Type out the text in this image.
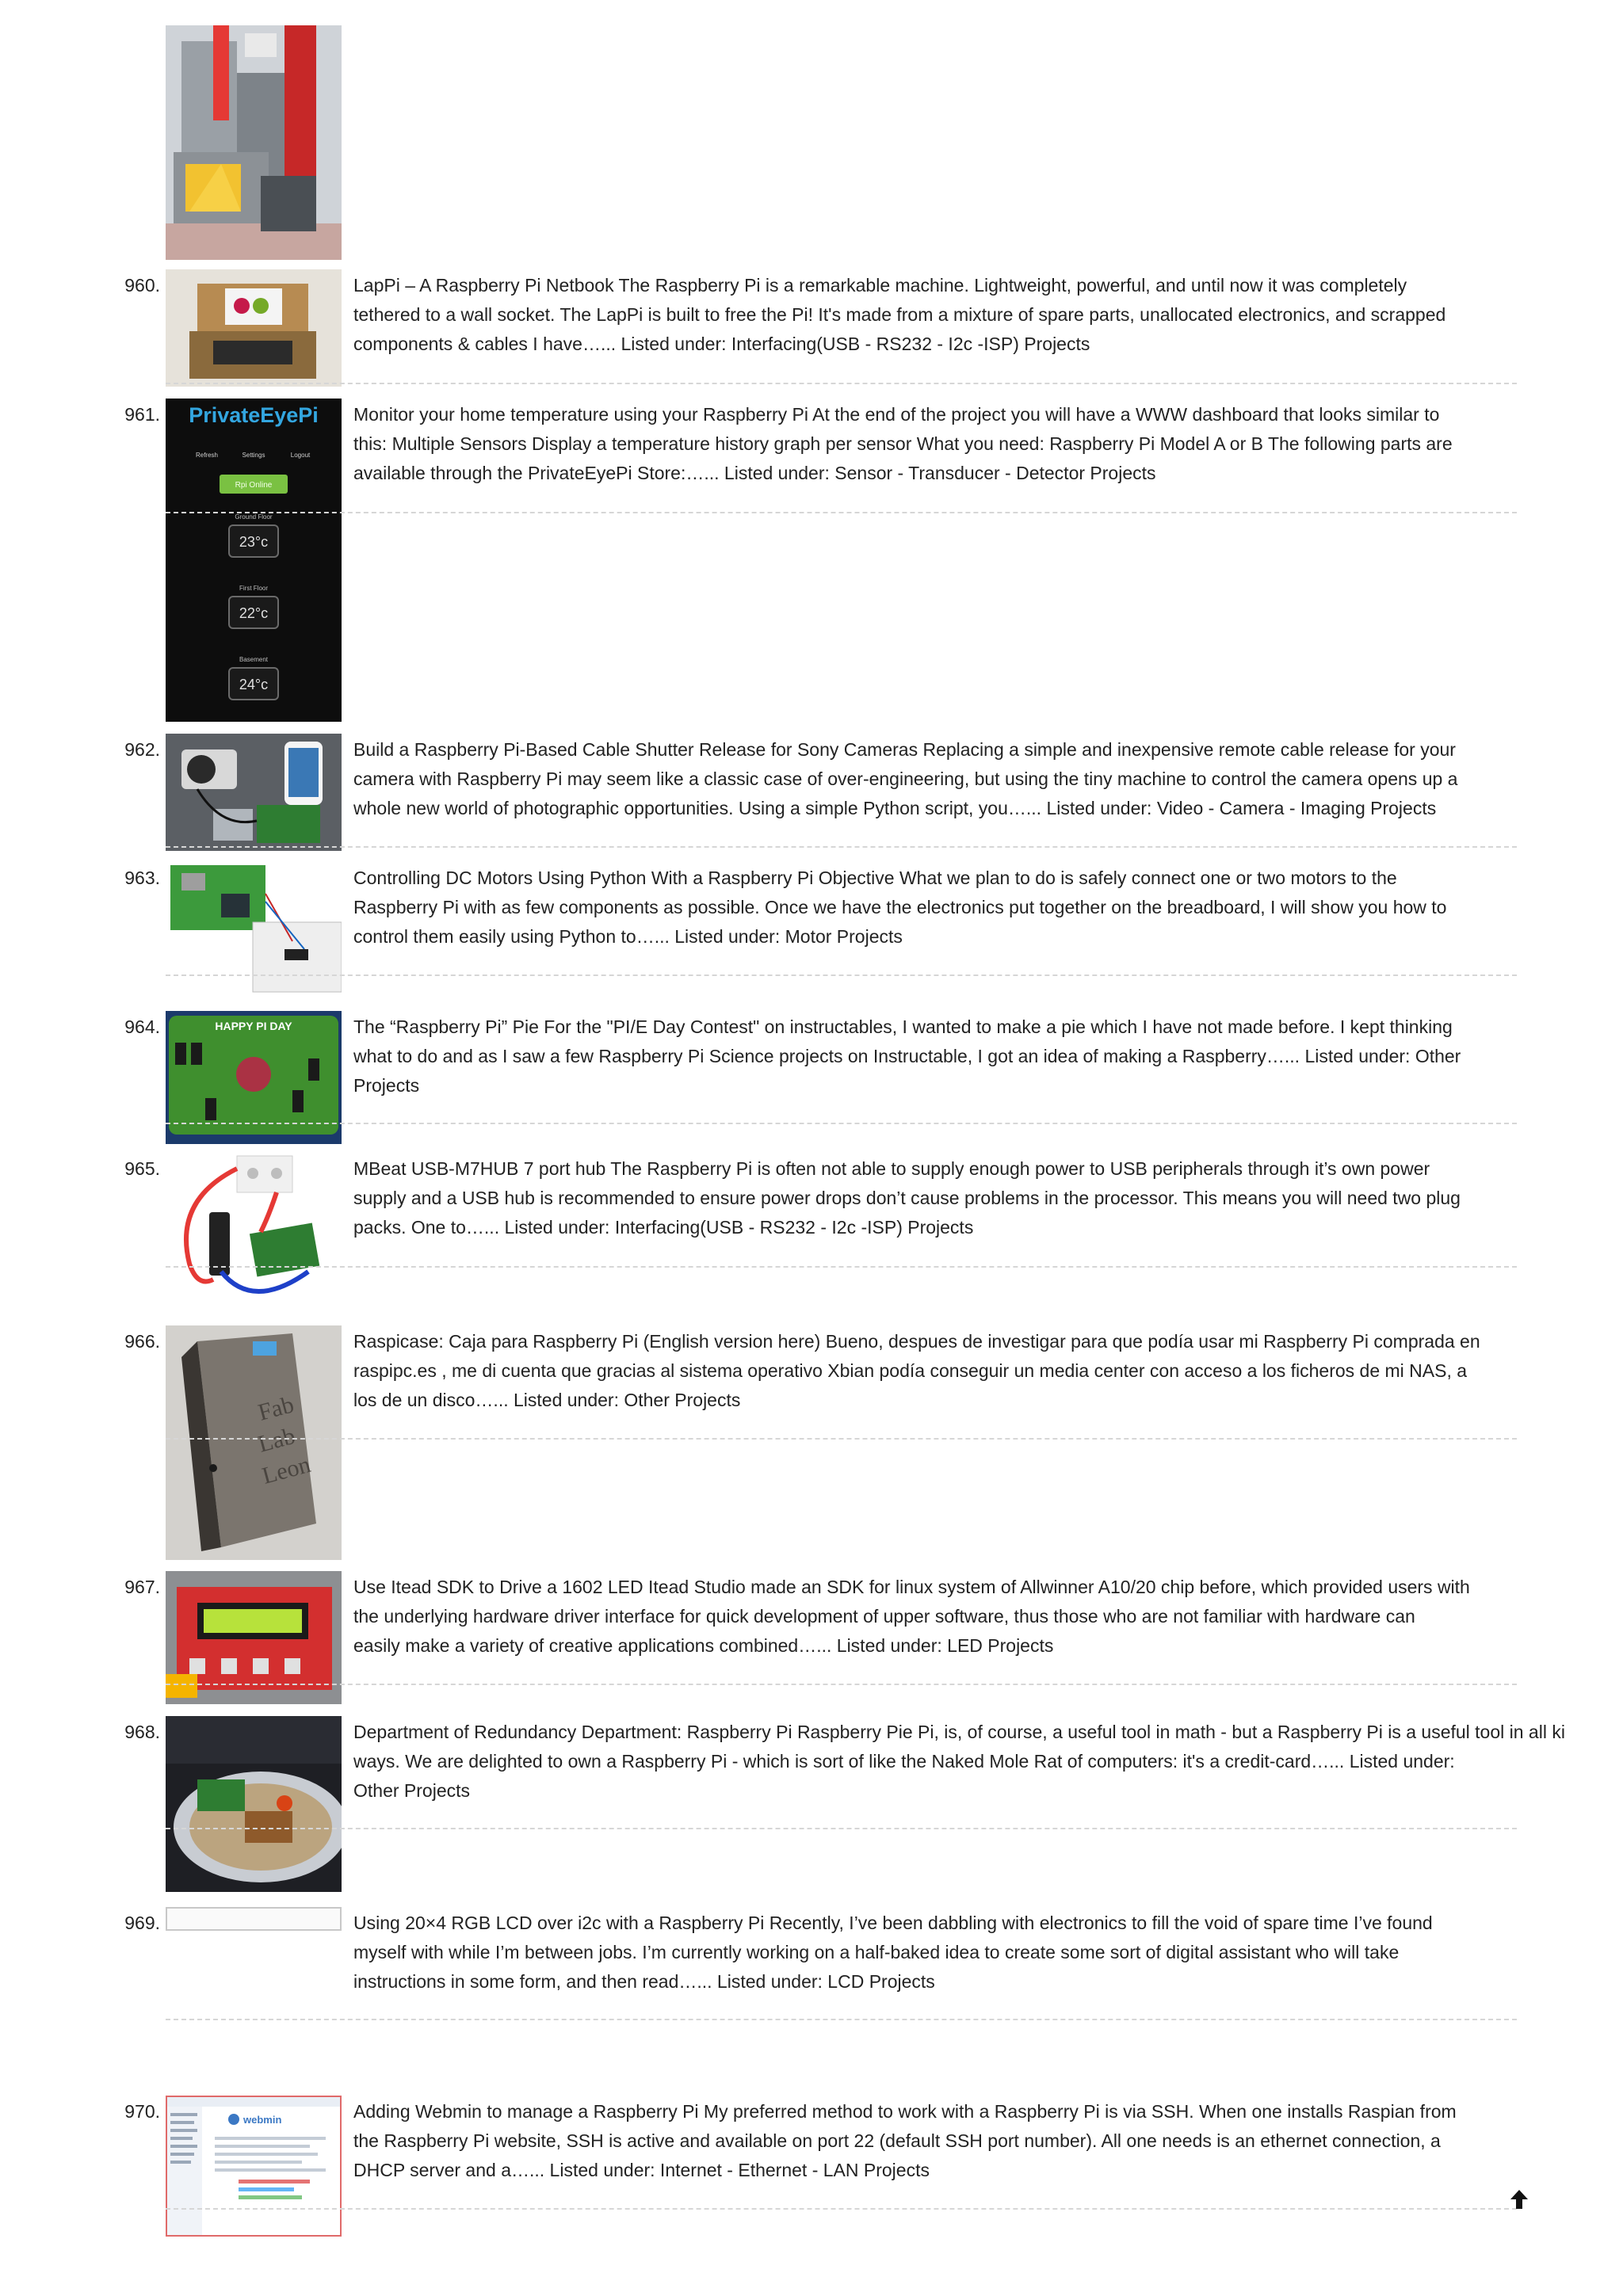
960.	LapPi – A Raspberry Pi Netbook The Raspberry Pi is a remarkable machine. Lightweight, powerful, and until now it was completely
tethered to a wall socket. The LapPi is built to free the Pi! It's made from a mixture of spare parts, unallocated electronics, and scrapped
components & cables I have…... Listed under: Interfacing(USB - RS232 - I2c -ISP) Projects
961. PrivateEyePi
Refresh	Settings	Logout
Rpi Online
Ground Floor
23°c
First Floor
22°c
Basement
24°c
Monitor your home temperature using your Raspberry Pi At the end of the project you will have a WWW dashboard that looks similar to
this: Multiple Sensors Display a temperature history graph per sensor What you need: Raspberry Pi Model A or B The following parts are
available through the PrivateEyePi Store:…... Listed under: Sensor - Transducer - Detector Projects
962.	Build a Raspberry Pi-Based Cable Shutter Release for Sony Cameras Replacing a simple and inexpensive remote cable release for your
camera with Raspberry Pi may seem like a classic case of over-engineering, but using the tiny machine to control the camera opens up a
whole new world of photographic opportunities. Using a simple Python script, you…... Listed under: Video - Camera - Imaging Projects
963.	Controlling DC Motors Using Python With a Raspberry Pi Objective What we plan to do is safely connect one or two motors to the
Raspberry Pi with as few components as possible. Once we have the electronics put together on the breadboard, I will show you how to
control them easily using Python to…... Listed under: Motor Projects
964.	HAPPY PI DAY	The “Raspberry Pi” Pie For the "PI/E Day Contest" on instructables, I wanted to make a pie which I have not made before. I kept thinking
what to do and as I saw a few Raspberry Pi Science projects on Instructable, I got an idea of making a Raspberry…... Listed under: Other
Projects
965.	MBeat USB-M7HUB 7 port hub The Raspberry Pi is often not able to supply enough power to USB peripherals through it’s own power
supply and a USB hub is recommended to ensure power drops don’t cause problems in the processor. This means you will need two plug
packs. One to…... Listed under: Interfacing(USB - RS232 - I2c -ISP) Projects
966.
Fab
Lab
Leon
Raspicase: Caja para Raspberry Pi (English version here) Bueno, despues de investigar para que podía usar mi Raspberry Pi comprada en
raspipc.es , me di cuenta que gracias al sistema operativo Xbian podía conseguir un media center con acceso a los ficheros de mi NAS, a
los de un disco…... Listed under: Other Projects
967.	Use Itead SDK to Drive a 1602 LED Itead Studio made an SDK for linux system of Allwinner A10/20 chip before, which provided users with
the underlying hardware driver interface for quick development of upper software, thus those who are not familiar with hardware can
easily make a variety of creative applications combined…... Listed under: LED Projects
968.	Department of Redundancy Department: Raspberry Pi Raspberry Pie Pi, is, of course, a useful tool in math - but a Raspberry Pi is a useful tool in all ki
ways. We are delighted to own a Raspberry Pi - which is sort of like the Naked Mole Rat of computers: it's a credit-card…... Listed under:
Other Projects
969.	Using 20×4 RGB LCD over i2c with a Raspberry Pi Recently, I’ve been dabbling with electronics to fill the void of spare time I’ve found
myself with while I’m between jobs. I’m currently working on a half-baked idea to create some sort of digital assistant who will take
instructions in some form, and then read…... Listed under: LCD Projects
970.	webmin	Adding Webmin to manage a Raspberry Pi My preferred method to work with a Raspberry Pi is via SSH. When one installs Raspian from
the Raspberry Pi website, SSH is active and available on port 22 (default SSH port number). All one needs is an ethernet connection, a
DHCP server and a…... Listed under: Internet - Ethernet - LAN Projects
